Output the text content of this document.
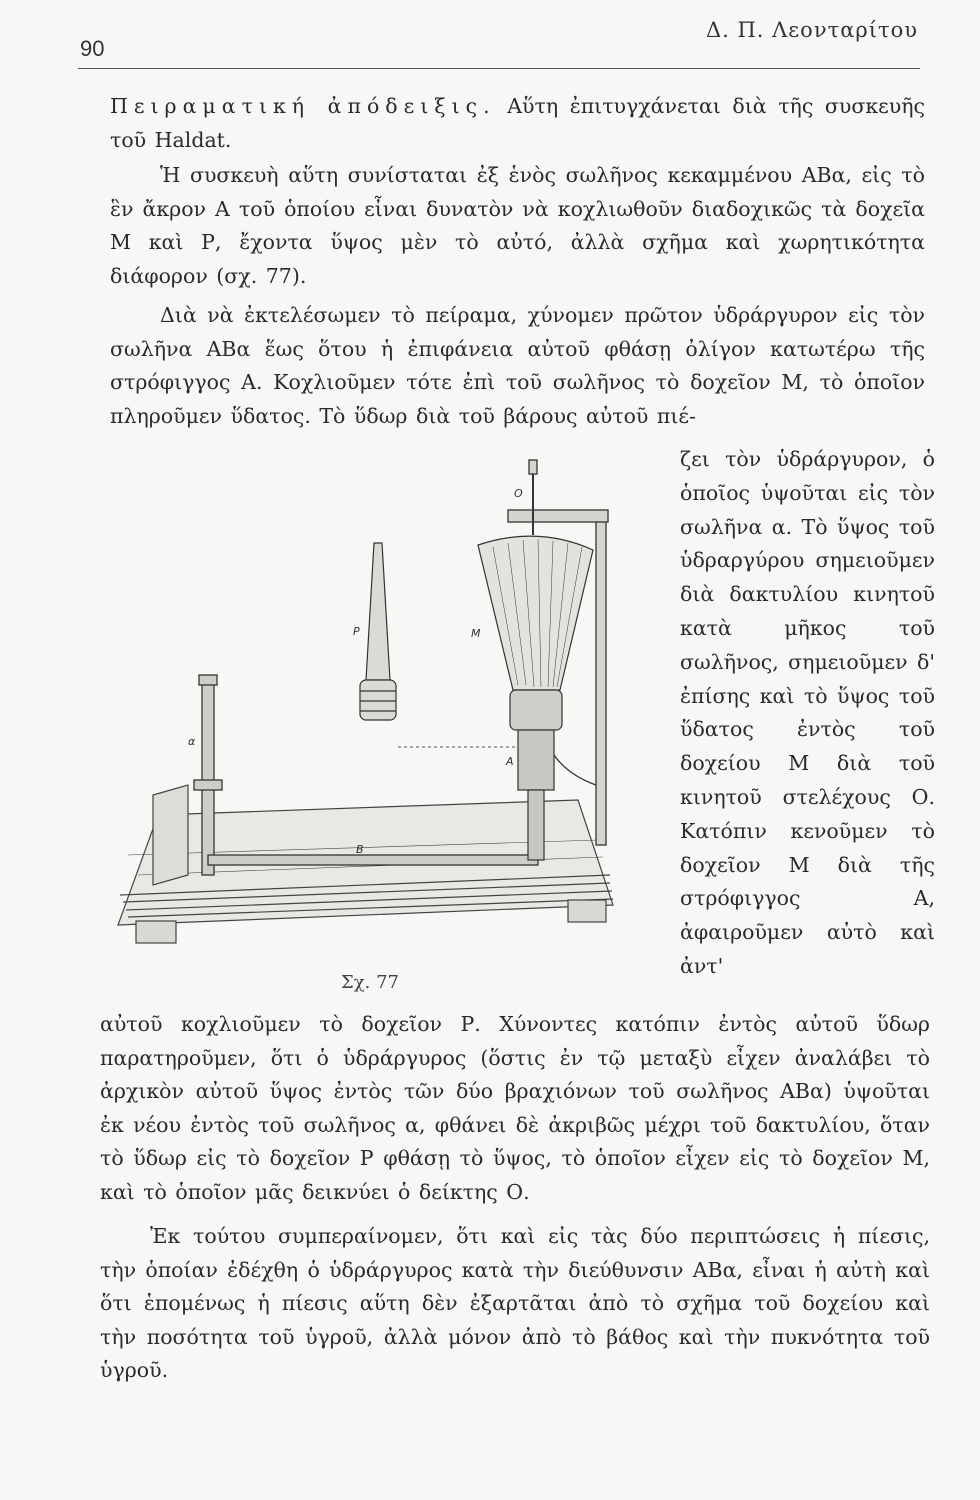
90
Δ. Π. Λεονταρίτου

Πειραματική ἀπόδειξις. Αὕτη ἐπιτυγχάνεται διὰ τῆς συσκευῆς τοῦ Haldat.

Ἡ συσκευὴ αὕτη συνίσταται ἐξ ἑνὸς σωλῆνος κεκαμμένου ΑΒα, εἰς τὸ ἓν ἄκρον Α τοῦ ὁποίου εἶναι δυνατὸν νὰ κοχλιωθοῦν διαδοχικῶς τὰ δοχεῖα Μ καὶ Ρ, ἔχοντα ὕψος μὲν τὸ αὐτό, ἀλλὰ σχῆμα καὶ χωρητικότητα διάφορον (σχ. 77).

Διὰ νὰ ἐκτελέσωμεν τὸ πείραμα, χύνομεν πρῶτον ὑδράργυρον εἰς τὸν σωλῆνα ΑΒα ἕως ὅτου ἡ ἐπιφάνεια αὐτοῦ φθάσῃ ὀλίγον κατωτέρω τῆς στρόφιγγος Α. Κοχλιοῦμεν τότε ἐπὶ τοῦ σωλῆνος τὸ δοχεῖον Μ, τὸ ὁποῖον πληροῦμεν ὕδατος. Τὸ ὕδωρ διὰ τοῦ βάρους αὐτοῦ πιέ-

ζει τὸν ὑδράργυρον, ὁ ὁποῖος ὑψοῦται εἰς τὸν σωλῆνα α. Τὸ ὕψος τοῦ ὑδραργύρου σημειοῦμεν διὰ δακτυλίου κινητοῦ κατὰ μῆκος τοῦ σωλῆνος, σημειοῦμεν δ' ἐπίσης καὶ τὸ ὕψος τοῦ ὕδατος ἐντὸς τοῦ δοχείου Μ διὰ τοῦ κινητοῦ στελέχους Ο. Κατόπιν κενοῦμεν τὸ δοχεῖον Μ διὰ τῆς στρόφιγγος Α, ἀφαιροῦμεν αὐτὸ καὶ ἀντ'

O
P	M
α
A
B
Σχ. 77

αὐτοῦ κοχλιοῦμεν τὸ δοχεῖον Ρ. Χύνοντες κατόπιν ἐντὸς αὐτοῦ ὕδωρ παρατηροῦμεν, ὅτι ὁ ὑδράργυρος (ὅστις ἐν τῷ μεταξὺ εἶχεν ἀναλάβει τὸ ἀρχικὸν αὐτοῦ ὕψος ἐντὸς τῶν δύο βραχιόνων τοῦ σωλῆνος ΑΒα) ὑψοῦται ἐκ νέου ἐντὸς τοῦ σωλῆνος α, φθάνει δὲ ἀκριβῶς μέχρι τοῦ δακτυλίου, ὅταν τὸ ὕδωρ εἰς τὸ δοχεῖον Ρ φθάσῃ τὸ ὕψος, τὸ ὁποῖον εἶχεν εἰς τὸ δοχεῖον Μ, καὶ τὸ ὁποῖον μᾶς δεικνύει ὁ δείκτης Ο.

Ἐκ τούτου συμπεραίνομεν, ὅτι καὶ εἰς τὰς δύο περιπτώσεις ἡ πίεσις, τὴν ὁποίαν ἐδέχθη ὁ ὑδράργυρος κατὰ τὴν διεύθυνσιν ΑΒα, εἶναι ἡ αὐτὴ καὶ ὅτι ἑπομένως ἡ πίεσις αὕτη δὲν ἐξαρτᾶται ἀπὸ τὸ σχῆμα τοῦ δοχείου καὶ τὴν ποσότητα τοῦ ὑγροῦ, ἀλλὰ μόνον ἀπὸ τὸ βάθος καὶ τὴν πυκνότητα τοῦ ὑγροῦ.
